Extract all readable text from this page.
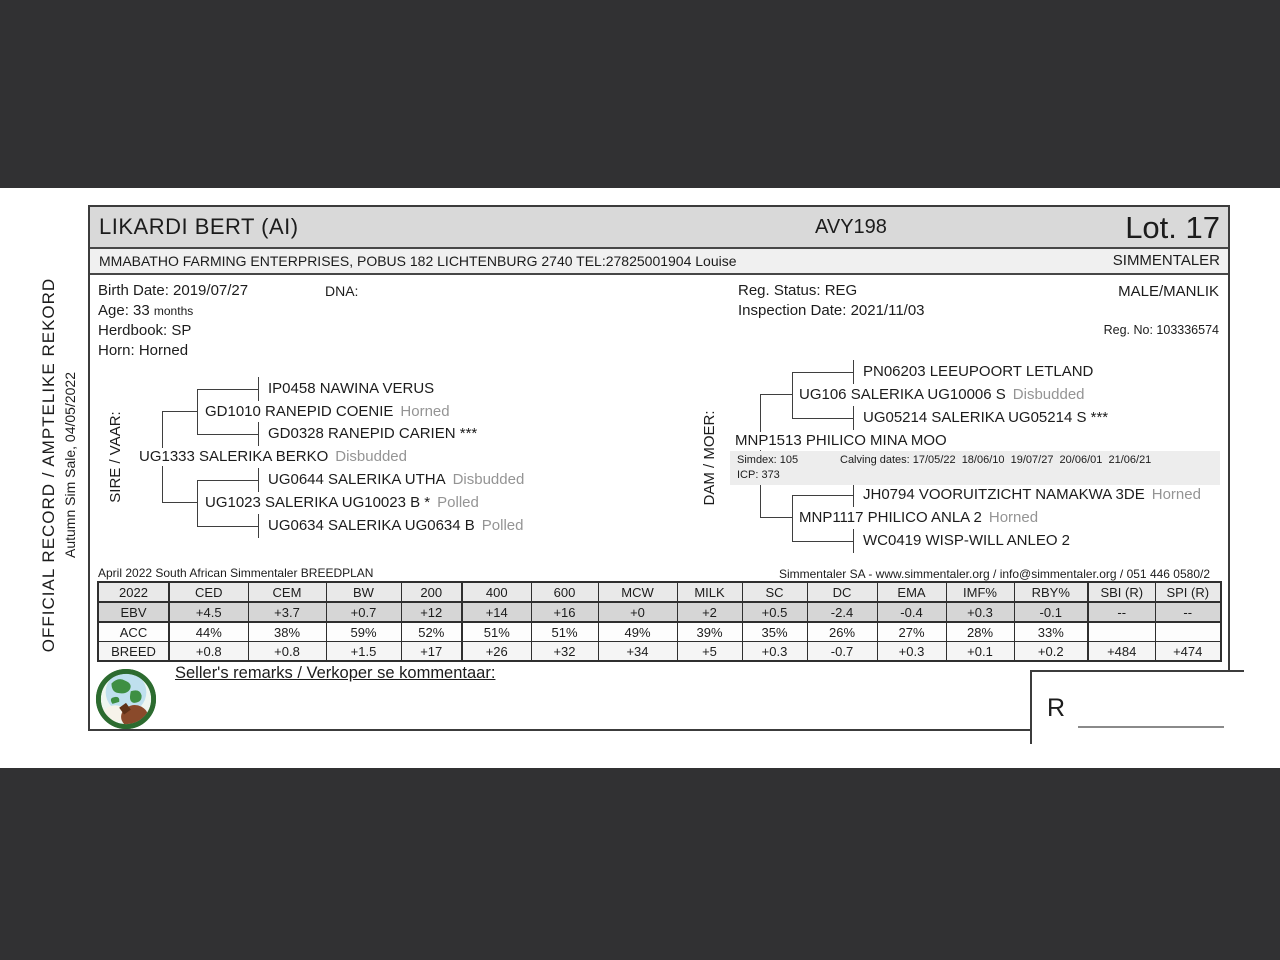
OFFICIAL RECORD / AMPTELIKE REKORD Autumn Sim Sale, 04/05/2022
LIKARDI BERT (AI)	AVY198	Lot. 17
MMABATHO FARMING ENTERPRISES, POBUS 182 LICHTENBURG 2740 TEL:27825001904 Louise	SIMMENTALER
Birth Date: 2019/07/27
Age: 33 months
Herdbook: SP
Horn: Horned
DNA:	Reg. Status: REG
Inspection Date: 2021/11/03
MALE/MANLIK
Reg. No: 103336574
SIRE / VAAR: UG1333 SALERIKA BERKO Disbudded
GD1010 RANEPID COENIE Horned
UG1023 SALERIKA UG10023 B * Polled
IP0458 NAWINA VERUS
GD0328 RANEPID CARIEN ***
UG0644 SALERIKA UTHA Disbudded
UG0634 SALERIKA UG0634 B Polled
DAM / MOER: MNP1513 PHILICO MINA MOO
Simdex: 105	Calving dates: 17/05/22  18/06/10  19/07/27  20/06/01  21/06/21
ICP: 373
UG106 SALERIKA UG10006 S Disbudded
MNP1117 PHILICO ANLA 2 Horned
PN06203 LEEUPOORT LETLAND
UG05214 SALERIKA UG05214 S ***
JH0794 VOORUITZICHT NAMAKWA 3DE Horned
WC0419 WISP-WILL ANLEO 2
April 2022 South African Simmentaler BREEDPLAN	Simmentaler SA - www.simmentaler.org / info@simmentaler.org / 051 446 0580/2
2022	CED	CEM	BW	200	400	600	MCW	MILK	SC	DC	EMA	IMF%	RBY%	SBI (R)	SPI (R)
EBV	+4.5	+3.7	+0.7	+12	+14	+16	+0	+2	+0.5	-2.4	-0.4	+0.3	-0.1	--	--
ACC	44%	38%	59%	52%	51%	51%	49%	39%	35%	26%	27%	28%	33%		
BREED	+0.8	+0.8	+1.5	+17	+26	+32	+34	+5	+0.3	-0.7	+0.3	+0.1	+0.2	+484	+474
Seller's remarks / Verkoper se kommentaar:
R
